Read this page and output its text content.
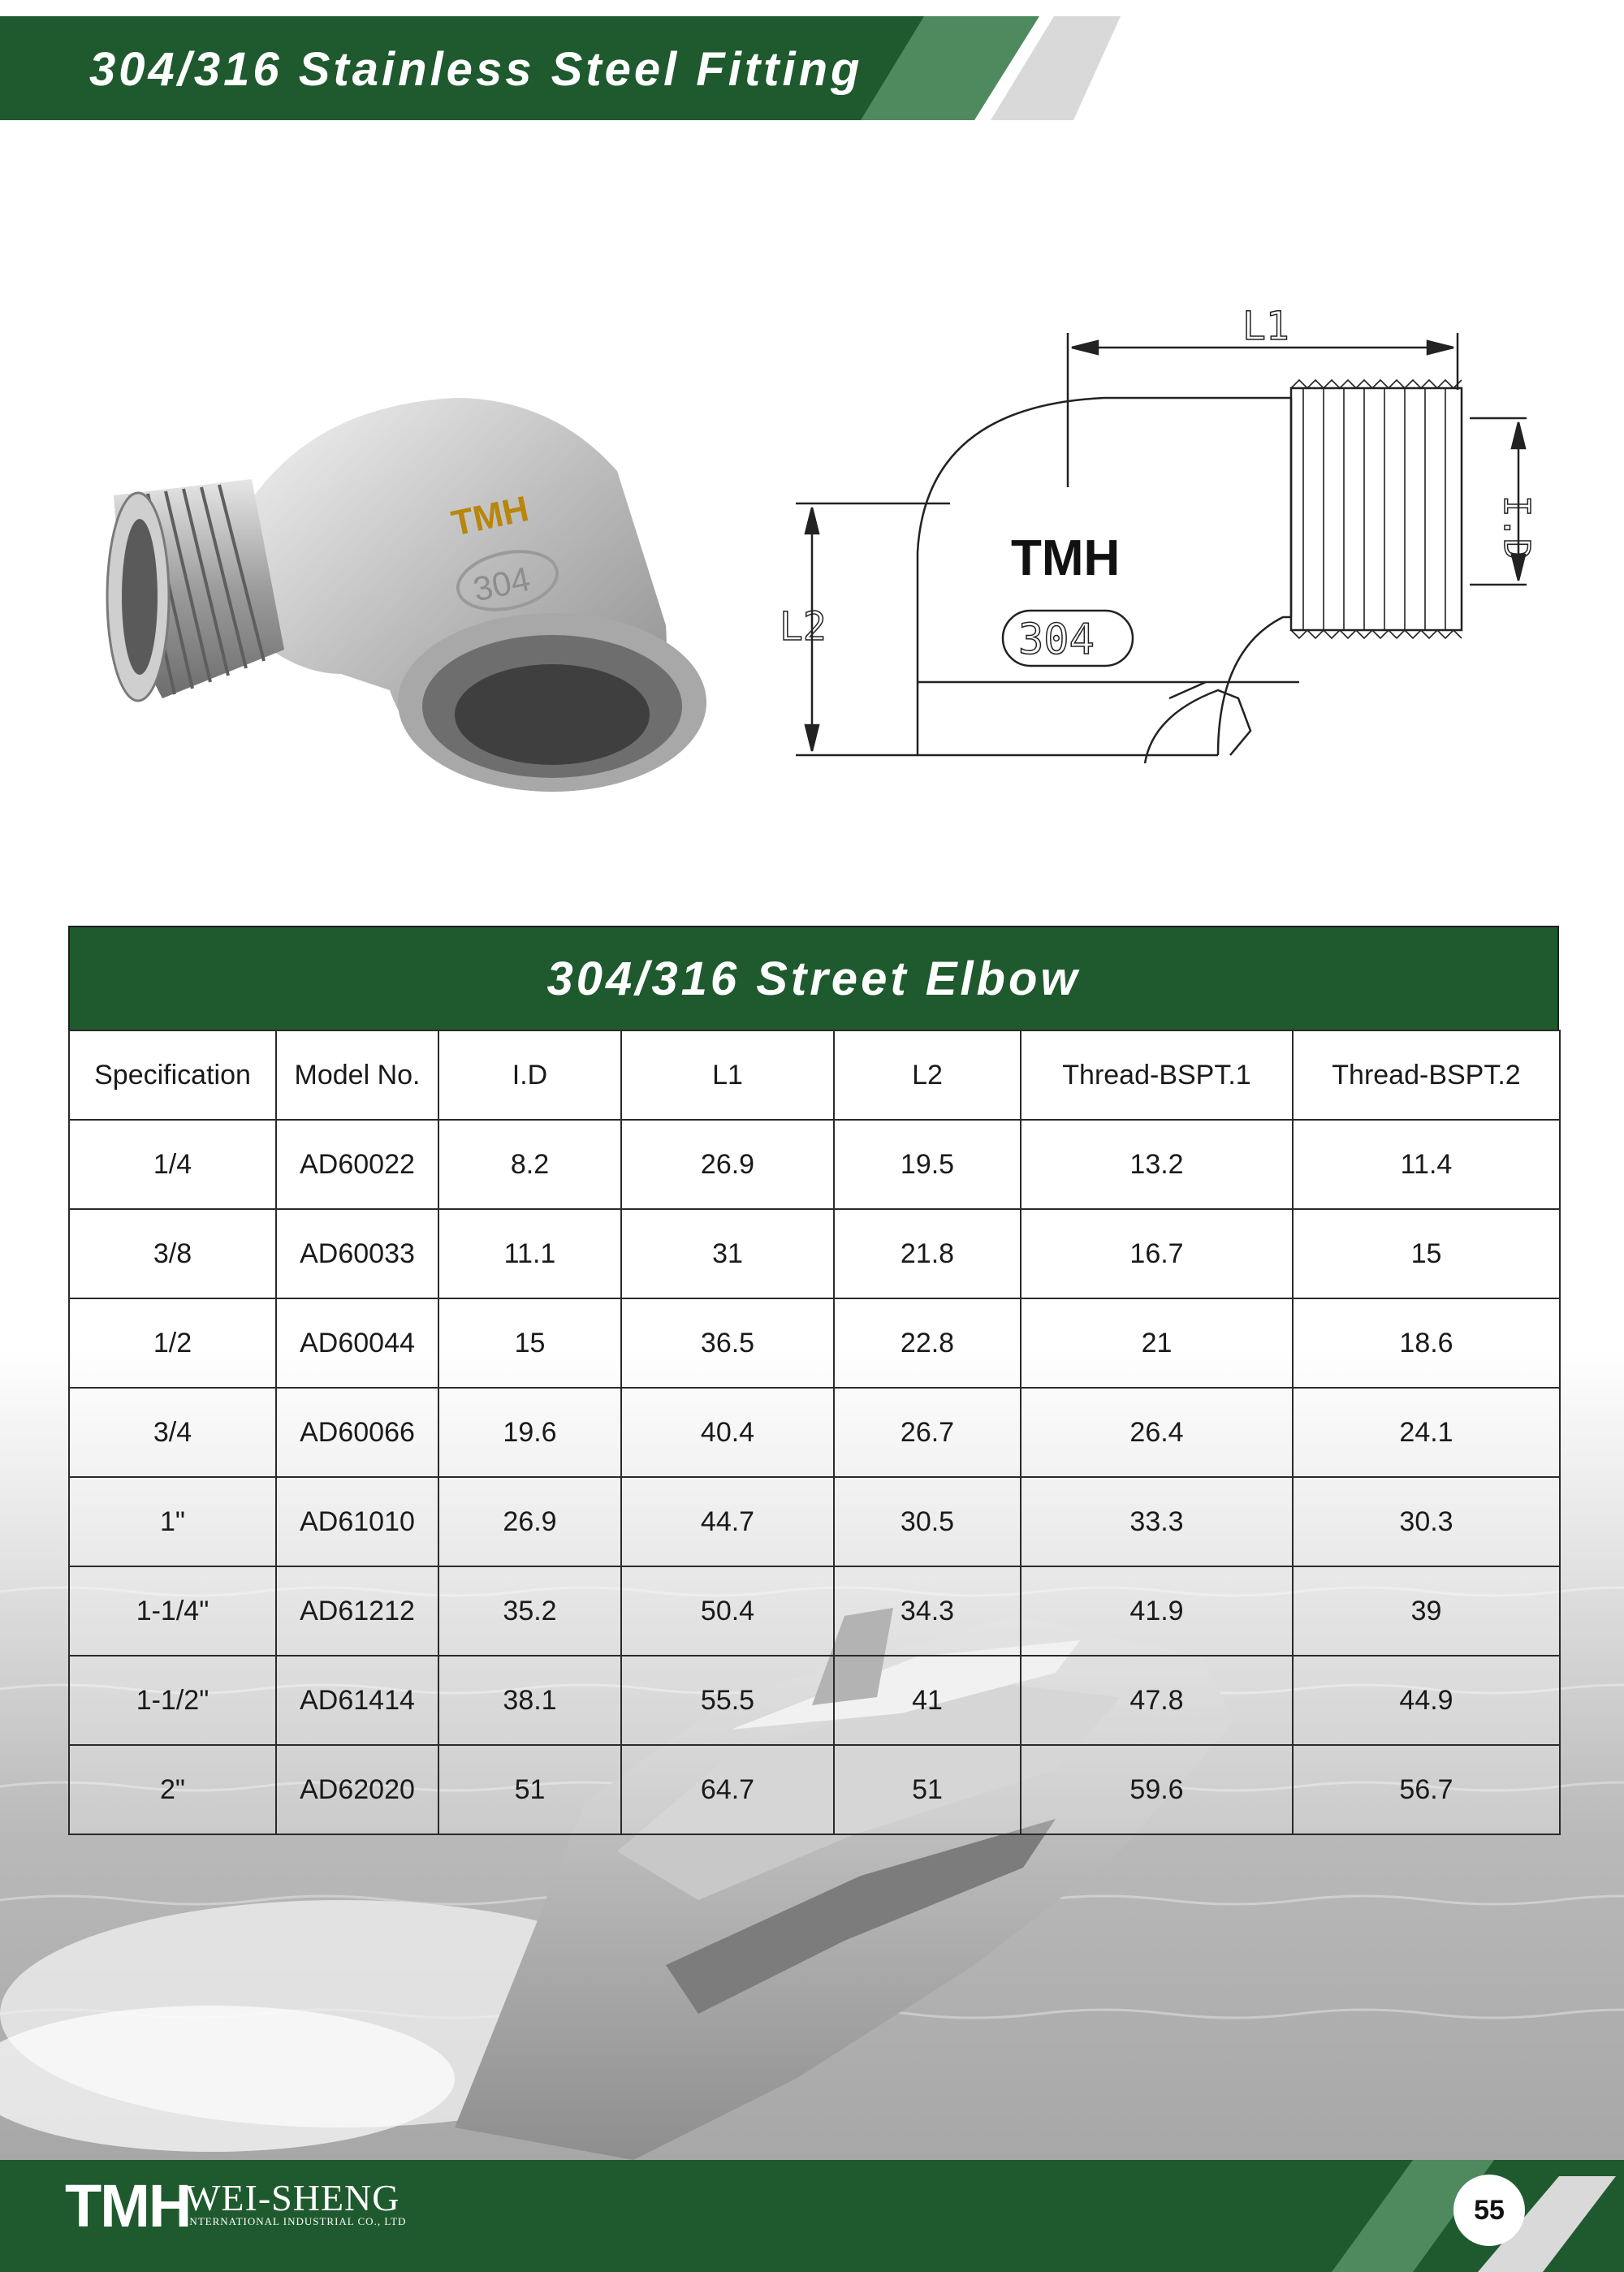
304/316 Stainless Steel Fitting
TMH
304
L1
L2
I.D
TMH
304
304/316 Street Elbow
Specification	Model No.	I.D	L1	L2	Thread-BSPT.1	Thread-BSPT.2
1/4	AD60022	8.2	26.9	19.5	13.2	11.4
3/8	AD60033	11.1	31	21.8	16.7	15
1/2	AD60044	15	36.5	22.8	21	18.6
3/4	AD60066	19.6	40.4	26.7	26.4	24.1
1"	AD61010	26.9	44.7	30.5	33.3	30.3
1-1/4"	AD61212	35.2	50.4	34.3	41.9	39
1-1/2"	AD61414	38.1	55.5	41	47.8	44.9
2"	AD62020	51	64.7	51	59.6	56.7
TMH
WEI-SHENG
INTERNATIONAL INDUSTRIAL CO., LTD	55
